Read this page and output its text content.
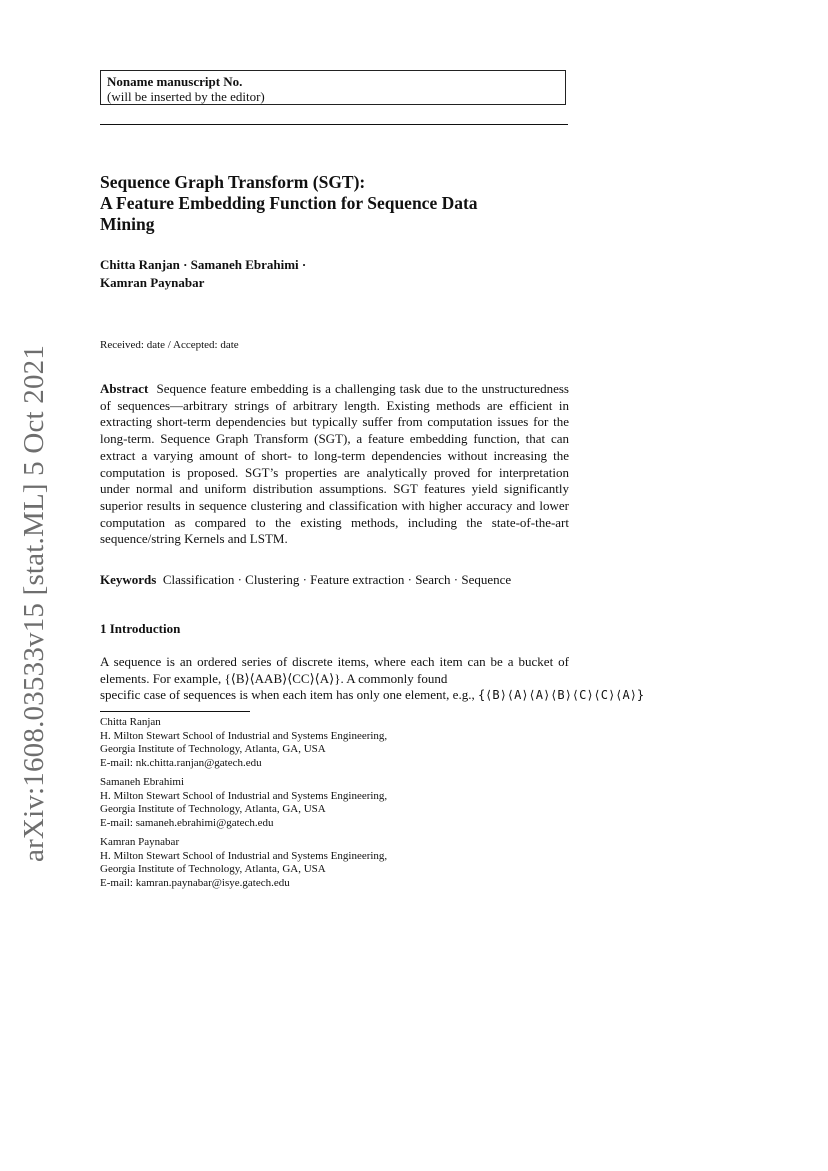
arXiv:1608.03533v15 [stat.ML] 5 Oct 2021
Noname manuscript No.
(will be inserted by the editor)
Sequence Graph Transform (SGT):
A Feature Embedding Function for Sequence Data
Mining
Chitta Ranjan · Samaneh Ebrahimi ·
Kamran Paynabar
Received: date / Accepted: date

Abstract Sequence feature embedding is a challenging task due to the unstructuredness of sequences—arbitrary strings of arbitrary length. Existing methods are efficient in extracting short-term dependencies but typically suffer from computation issues for the long-term. Sequence Graph Transform (SGT), a feature embedding function, that can extract a varying amount of short- to long-term dependencies without increasing the computation is proposed. SGT’s properties are analytically proved for interpretation under normal and uniform distribution assumptions. SGT features yield significantly superior results in sequence clustering and classification with higher accuracy and lower computation as compared to the existing methods, including the state-of-the-art sequence/string Kernels and LSTM.

Keywords Classification · Clustering · Feature extraction · Search · Sequence

1 Introduction

A sequence is an ordered series of discrete items, where each item can be a bucket of elements. For example, {⟨B⟩⟨AAB⟩⟨CC⟩⟨A⟩}. A commonly found
specific case of sequences is when each item has only one element, e.g., {⟨B⟩⟨A⟩⟨A⟩⟨B⟩⟨C⟩⟨C⟩⟨A⟩}

Chitta Ranjan
H. Milton Stewart School of Industrial and Systems Engineering,
Georgia Institute of Technology, Atlanta, GA, USA
E-mail: nk.chitta.ranjan@gatech.edu
Samaneh Ebrahimi
H. Milton Stewart School of Industrial and Systems Engineering,
Georgia Institute of Technology, Atlanta, GA, USA
E-mail: samaneh.ebrahimi@gatech.edu
Kamran Paynabar
H. Milton Stewart School of Industrial and Systems Engineering,
Georgia Institute of Technology, Atlanta, GA, USA
E-mail: kamran.paynabar@isye.gatech.edu
